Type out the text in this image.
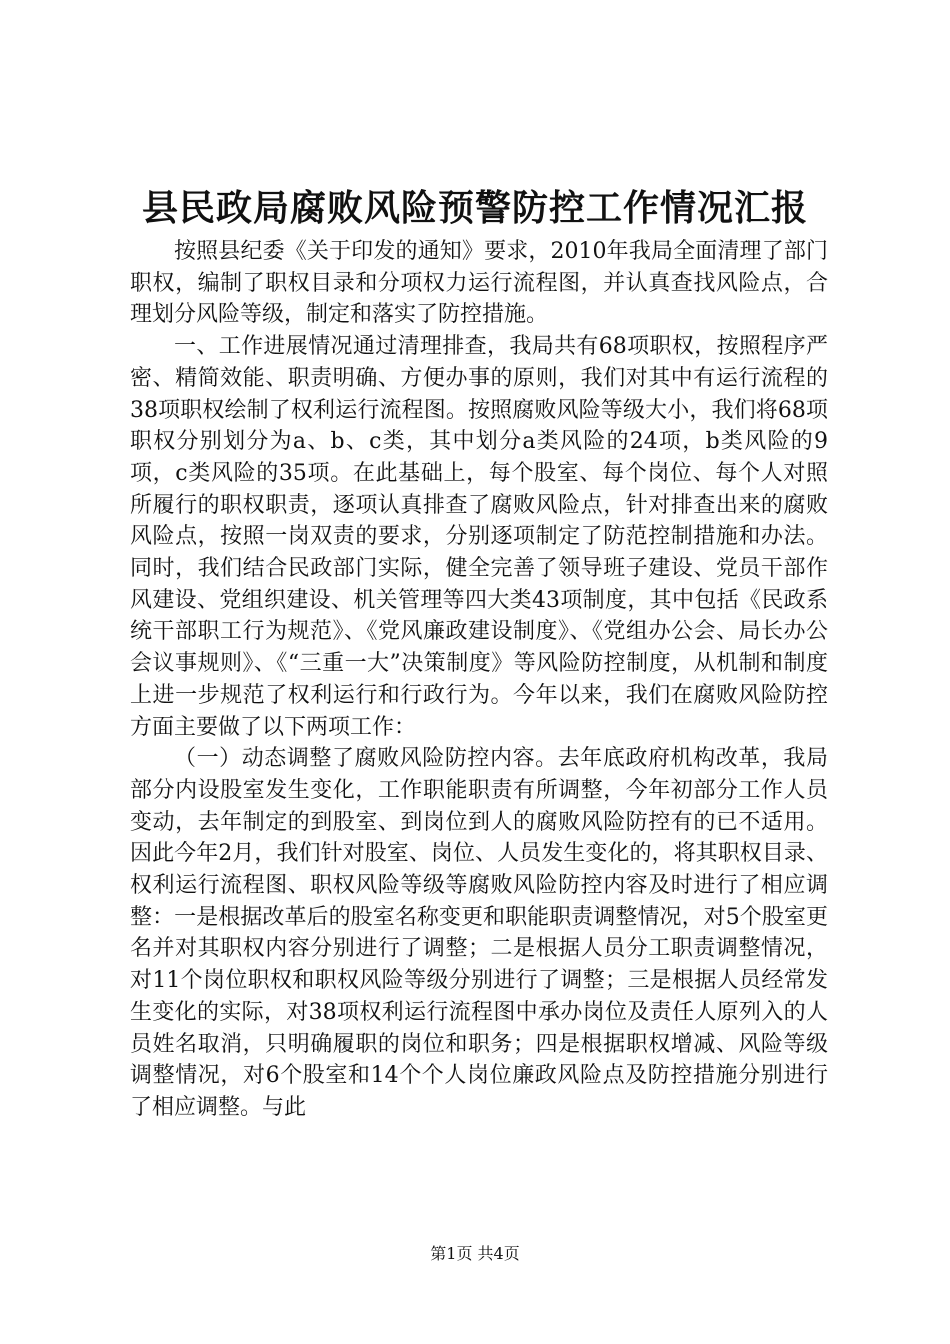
县民政局腐败风险预警防控工作情况汇报

按照县纪委《关于印发的通知》要求，2010年我局全面清理了部门职权，编制了职权目录和分项权力运行流程图，并认真查找风险点，合理划分风险等级，制定和落实了防控措施。

一、工作进展情况通过清理排查，我局共有68项职权，按照程序严密、精简效能、职责明确、方便办事的原则，我们对其中有运行流程的38项职权绘制了权利运行流程图。按照腐败风险等级大小，我们将68项职权分别划分为a、b、c类，其中划分a类风险的24项，b类风险的9项，c类风险的35项。在此基础上，每个股室、每个岗位、每个人对照所履行的职权职责，逐项认真排查了腐败风险点，针对排查出来的腐败风险点，按照一岗双责的要求，分别逐项制定了防范控制措施和办法。同时，我们结合民政部门实际，健全完善了领导班子建设、党员干部作风建设、党组织建设、机关管理等四大类43项制度，其中包括《民政系统干部职工行为规范》、《党风廉政建设制度》、《党组办公会、局长办公会议事规则》、《“三重一大”决策制度》等风险防控制度，从机制和制度上进一步规范了权利运行和行政行为。今年以来，我们在腐败风险防控方面主要做了以下两项工作：

（一）动态调整了腐败风险防控内容。去年底政府机构改革，我局部分内设股室发生变化，工作职能职责有所调整，今年初部分工作人员变动，去年制定的到股室、到岗位到人的腐败风险防控有的已不适用。因此今年2月，我们针对股室、岗位、人员发生变化的，将其职权目录、权利运行流程图、职权风险等级等腐败风险防控内容及时进行了相应调整：一是根据改革后的股室名称变更和职能职责调整情况，对5个股室更名并对其职权内容分别进行了调整；二是根据人员分工职责调整情况，对11个岗位职权和职权风险等级分别进行了调整；三是根据人员经常发生变化的实际，对38项权利运行流程图中承办岗位及责任人原列入的人员姓名取消，只明确履职的岗位和职务；四是根据职权增减、风险等级调整情况，对6个股室和14个个人岗位廉政风险点及防控措施分别进行了相应调整。与此

第1页 共4页
